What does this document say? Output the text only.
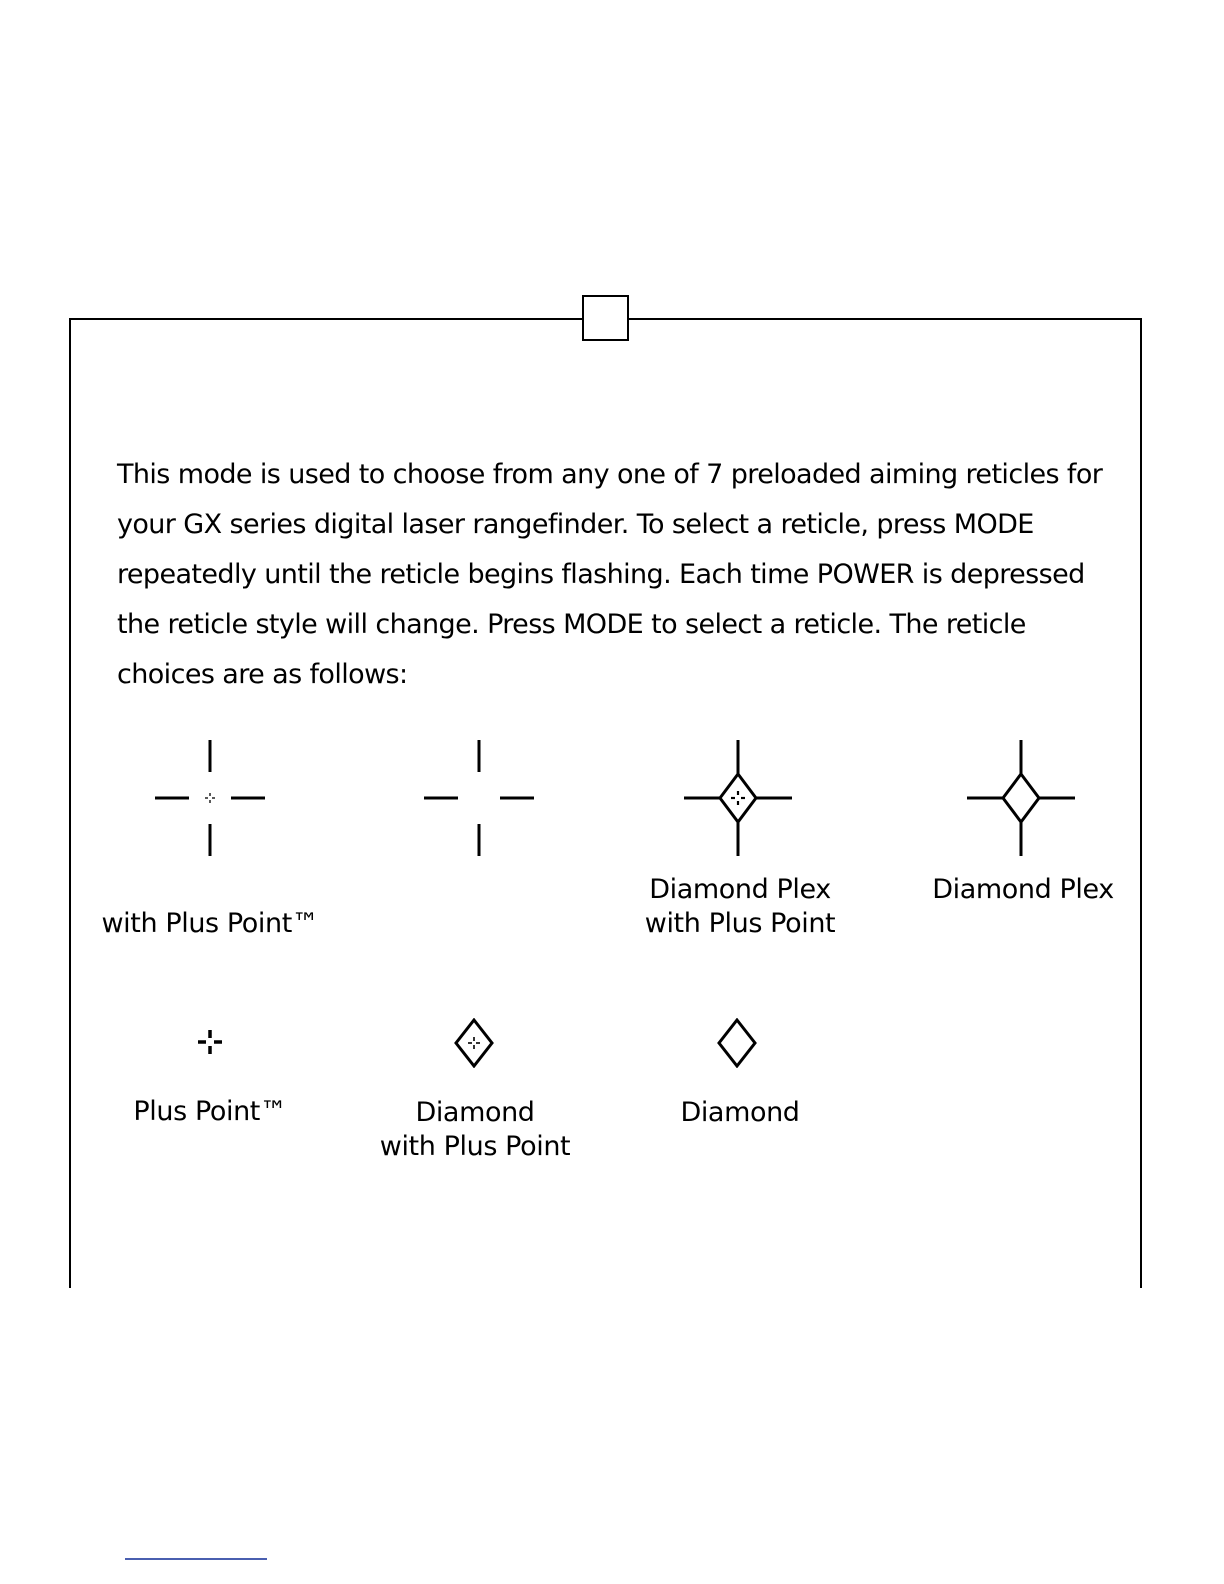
This mode is used to choose from any one of 7 preloaded aiming reticles for your GX series digital laser rangefinder. To select a reticle, press MODE repeatedly until the reticle begins flashing. Each time POWER is depressed the reticle style will change. Press MODE to select a reticle. The reticle choices are as follows:

with Plus Point™
Diamond Plex
with Plus Point
Diamond Plex
Plus Point™	Diamond
with Plus Point
Diamond
